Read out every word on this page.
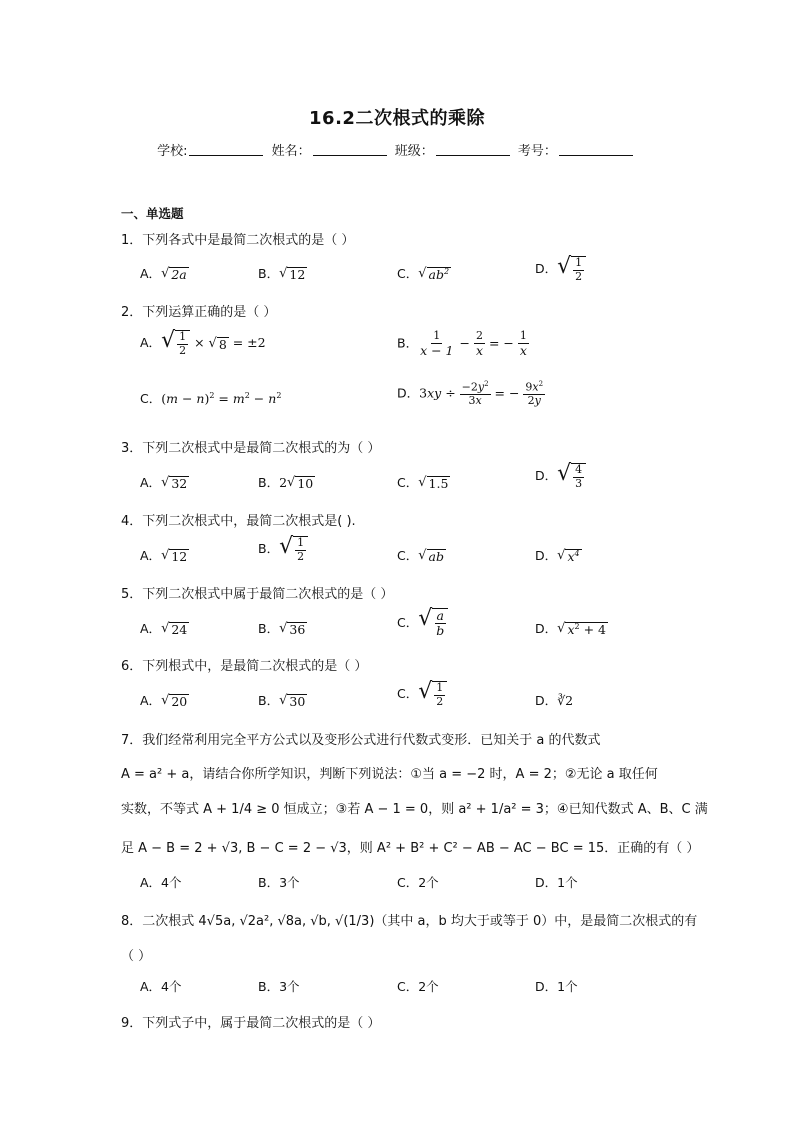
16.2二次根式的乘除
学校:	姓名：	班级：	考号：
一、单选题
1．下列各式中是最简二次根式的是（ ）
A． √ 2a	B． √ 12	C． √ $ab^2$	D． √ $\frac{1}{2}$
2．下列运算正确的是（ ）
A． √ $\frac{1}{2}$ × √ 8 = ±2	B． $\frac{1}{x - 1} - \frac{2}{x}$ = − $\frac{1}{x}$
C．$(m - n)^2 = m^2 - n^2$	D．$3xy \div \frac{-2y^2}{3x}$ = − $\frac{9x^2}{2y}$
3．下列二次根式中是最简二次根式的为（ ）
A． √ 32	B．2 √ 10	C． √ 1.5
D． √ $\frac{4}{3}$
4．下列二次根式中，最简二次根式是( ).
A． √ 12
B． √ $\frac{1}{2}$	C． √ ab	D． √ $x^4$
5．下列二次根式中属于最简二次根式的是（ ）
A． √ 24	B． √ 36
C． √ $\frac{a}{b}$	D． √ $x^2 + 4$
6．下列根式中，是最简二次根式的是（ ）
A． √ 20	B． √ 30
C． √ $\frac{1}{2}$	D．∛2
7．我们经常利用完全平方公式以及变形公式进行代数式变形．已知关于 a 的代数式
A = a² + a，请结合你所学知识，判断下列说法：①当 a = −2 时，A = 2；②无论 a 取任何
实数，不等式 A + 1/4 ≥ 0 恒成立；③若 A − 1 = 0，则 a² + 1/a² = 3；④已知代数式 A、B、C 满
足 A − B = 2 + √3, B − C = 2 − √3，则 A² + B² + C² − AB − AC − BC = 15．正确的有（ ）
A．4个	B．3个	C．2个	D．1个
8．二次根式 4√5a, √2a², √8a, √b, √(1/3)（其中 a，b 均大于或等于 0）中，是最简二次根式的有
（ ）
A．4个	B．3个	C．2个	D．1个
9．下列式子中，属于最简二次根式的是（ ）
